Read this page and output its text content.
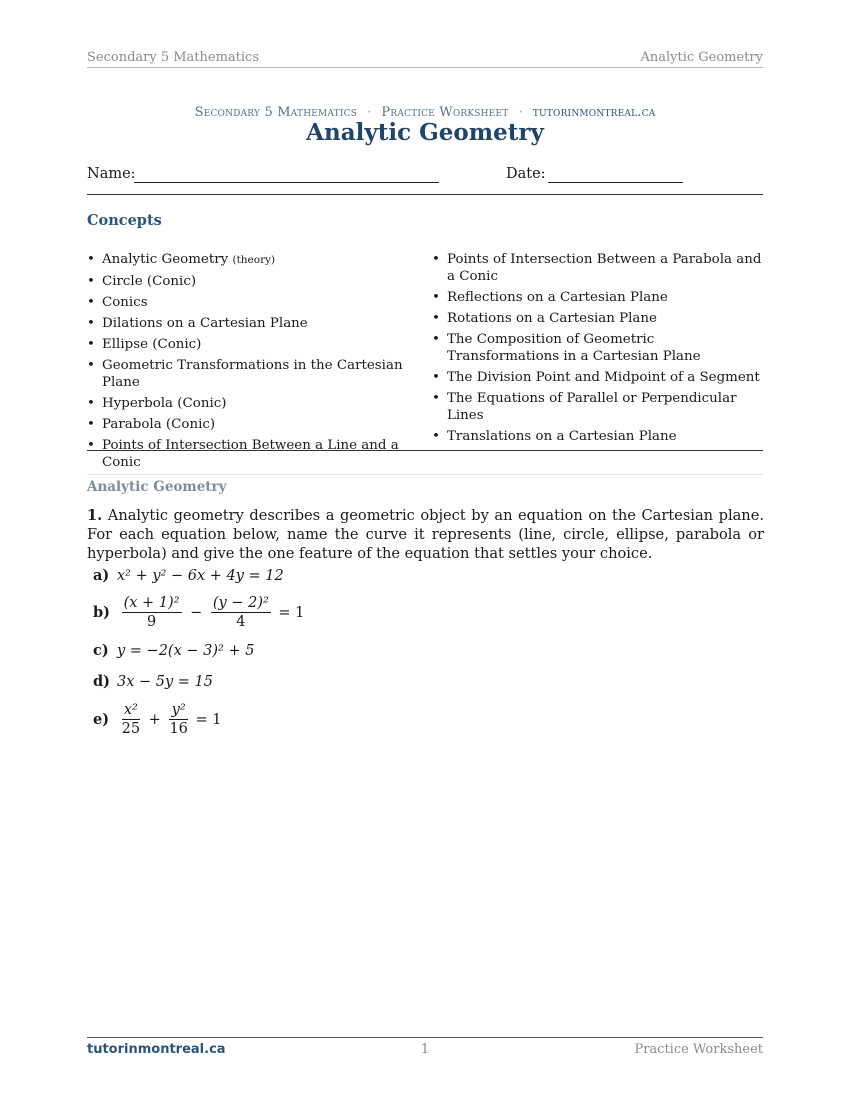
Secondary 5 Mathematics	Analytic Geometry
Secondary 5 Mathematics · Practice Worksheet · tutorinmontreal.ca
Analytic Geometry
Name:	Date:
Concepts
• Analytic Geometry (theory)
• Circle (Conic)
• Conics
• Dilations on a Cartesian Plane
• Ellipse (Conic)
• Geometric Transformations in the Cartesian Plane
• Hyperbola (Conic)
• Parabola (Conic)
• Points of Intersection Between a Line and a Conic
• Points of Intersection Between a Parabola and a Conic
• Reflections on a Cartesian Plane
• Rotations on a Cartesian Plane
• The Composition of Geometric Transformations in a Cartesian Plane
• The Division Point and Midpoint of a Segment
• The Equations of Parallel or Perpendicular Lines
• Translations on a Cartesian Plane
Analytic Geometry
1. Analytic geometry describes a geometric object by an equation on the Cartesian plane. For each equation below, name the curve it represents (line, circle, ellipse, parabola or hyperbola) and give the one feature of the equation that settles your choice.
a) x² + y² − 6x + 4y = 12
$b) \frac{\text{(x + 1)²}}{9} - \frac{\text{(y − 2)²}}{4} = 1$
c) y = −2(x − 3)² + 5
d) 3x − 5y = 15
$e) \frac{\text{x²}}{25} + \frac{\text{y²}}{16} = 1$
tutorinmontreal.ca	1	Practice Worksheet
